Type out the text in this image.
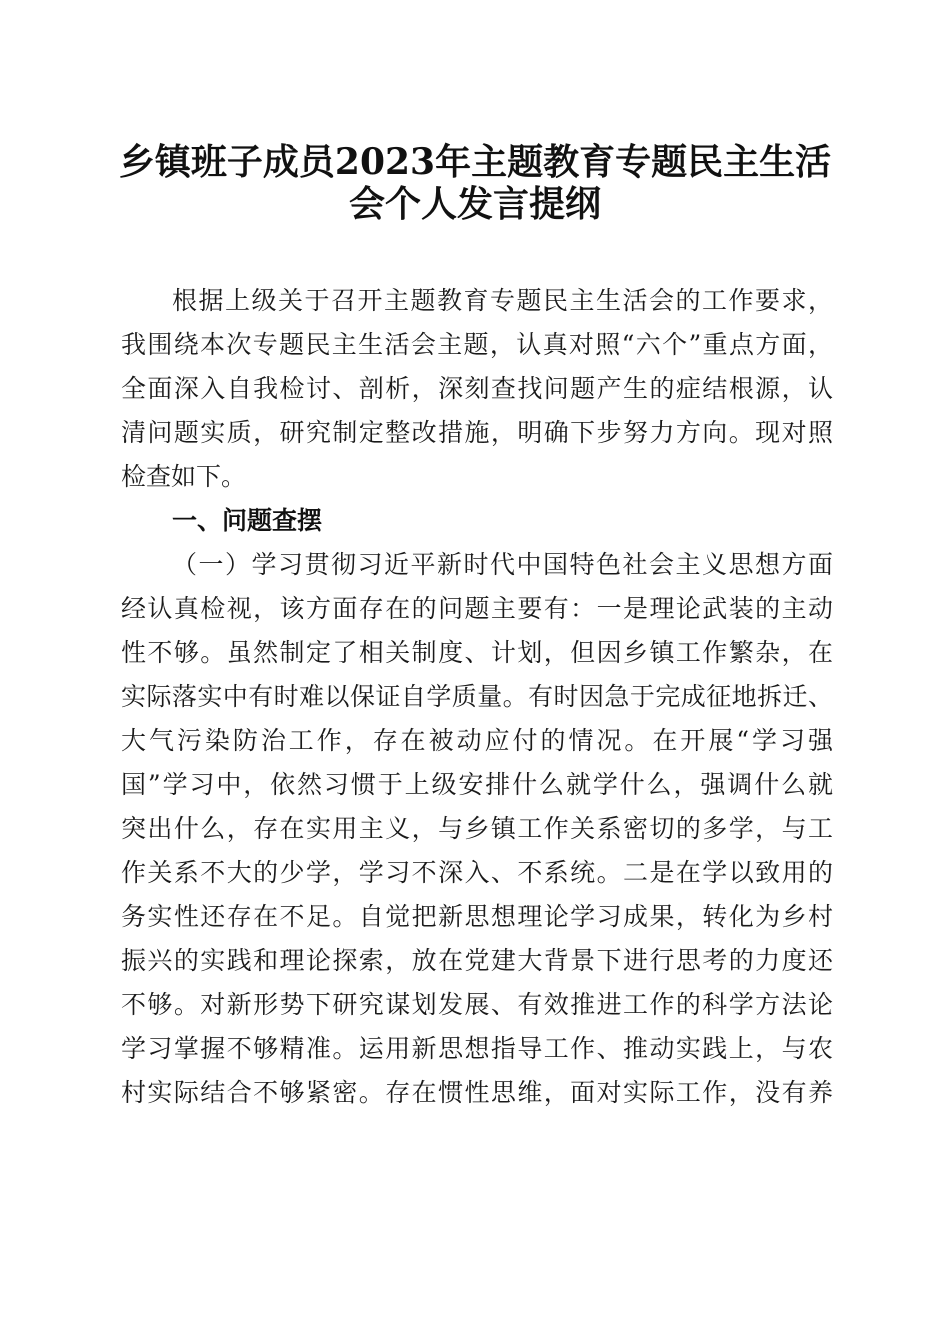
乡镇班子成员2023年主题教育专题民主生活
会个人发言提纲
根据上级关于召开主题教育专题民主生活会的工作要求，
我围绕本次专题民主生活会主题，认真对照“六个”重点方面，
全面深入自我检讨、剖析，深刻查找问题产生的症结根源，认
清问题实质，研究制定整改措施，明确下步努力方向。现对照
检查如下。
一、问题查摆
（一）学习贯彻习近平新时代中国特色社会主义思想方面
经认真检视，该方面存在的问题主要有：一是理论武装的主动
性不够。虽然制定了相关制度、计划，但因乡镇工作繁杂，在
实际落实中有时难以保证自学质量。有时因急于完成征地拆迁、
大气污染防治工作，存在被动应付的情况。在开展“学习强
国”学习中，依然习惯于上级安排什么就学什么，强调什么就
突出什么，存在实用主义，与乡镇工作关系密切的多学，与工
作关系不大的少学，学习不深入、不系统。二是在学以致用的
务实性还存在不足。自觉把新思想理论学习成果，转化为乡村
振兴的实践和理论探索，放在党建大背景下进行思考的力度还
不够。对新形势下研究谋划发展、有效推进工作的科学方法论
学习掌握不够精准。运用新思想指导工作、推动实践上，与农
村实际结合不够紧密。存在惯性思维，面对实际工作，没有养
